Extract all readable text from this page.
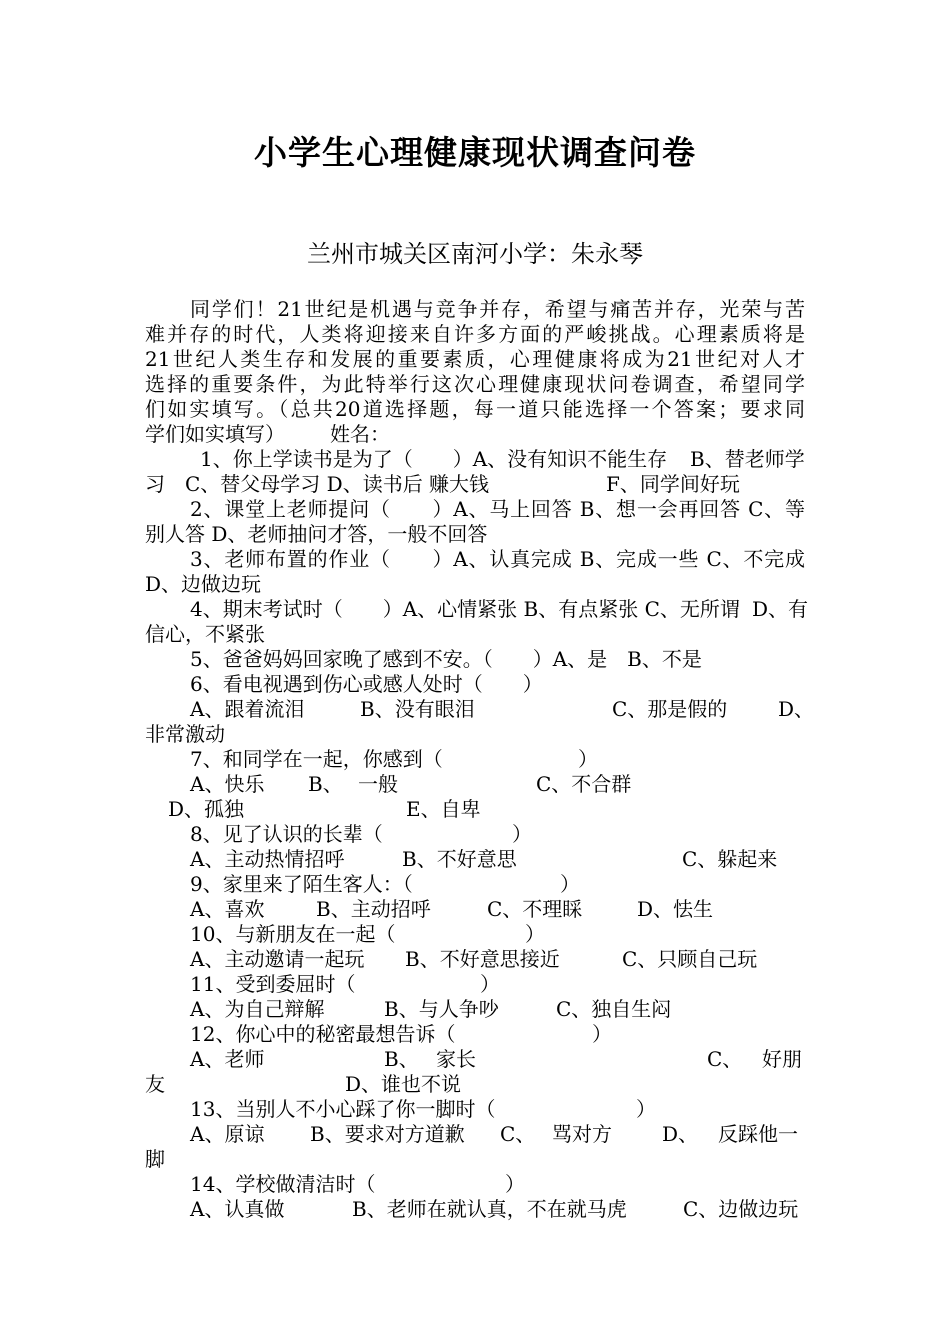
小学生心理健康现状调查问卷
兰州市城关区南河小学：朱永琴
同学们！21世纪是机遇与竞争并存，希望与痛苦并存，光荣与苦
难并存的时代，人类将迎接来自许多方面的严峻挑战。心理素质将是
21世纪人类生存和发展的重要素质，心理健康将成为21世纪对人才
选择的重要条件，为此特举行这次心理健康现状问卷调查，希望同学
们如实填写。（总共20道选择题，每一道只能选择一个答案；要求同

学们如实填写）

姓名：

1、你上学读书是为了（　　）A、没有知识不能生存

B、替老师学

习

C、替父母学习 D、读书后 赚大钱

	F、同学间好玩

2、课堂上老师提问（　　）A、马上回答 B、想一会再回答 C、等
别人答 D、老师抽问才答，一般不回答
3、老师布置的作业（　　）A、认真完成 B、完成一些 C、不完成
D、边做边玩

4、期末考试时（　　）A、心情紧张 B、有点紧张 C、无所谓

D、有

信心，不紧张
5、爸爸妈妈回家晚了感到不安。（　　）A、是　B、不是
6、看电视遇到伤心或感人处时（　　）

A、跟着流泪

	B、没有眼泪

	C、那是假的

	D、

非常激动

7、和同学在一起，你感到（

	）

A、快乐

B、

一般

	C、不合群

D、孤独

	E、自卑

8、见了认识的长辈（

	）

A、主动热情招呼

	B、不好意思

	C、躲起来

9、家里来了陌生客人：（

	）

A、喜欢

	B、主动招呼

	C、不理睬

	D、怯生

10、与新朋友在一起（

	）

A、主动邀请一起玩

B、不好意思接近

	C、只顾自己玩

11、受到委屈时（

	）

A、为自己辩解

	B、与人争吵

	C、独自生闷

12、你心中的秘密最想告诉（

	）

A、老师

	B、

家长

	C、

好朋

友

	D、谁也不说

13、当别人不小心踩了你一脚时（

	）

A、原谅

B、要求对方道歉

C、

骂对方

	D、

反踩他一

脚

14、学校做清洁时（

	）

A、认真做

	B、老师在就认真，不在就马虎

	C、边做边玩
